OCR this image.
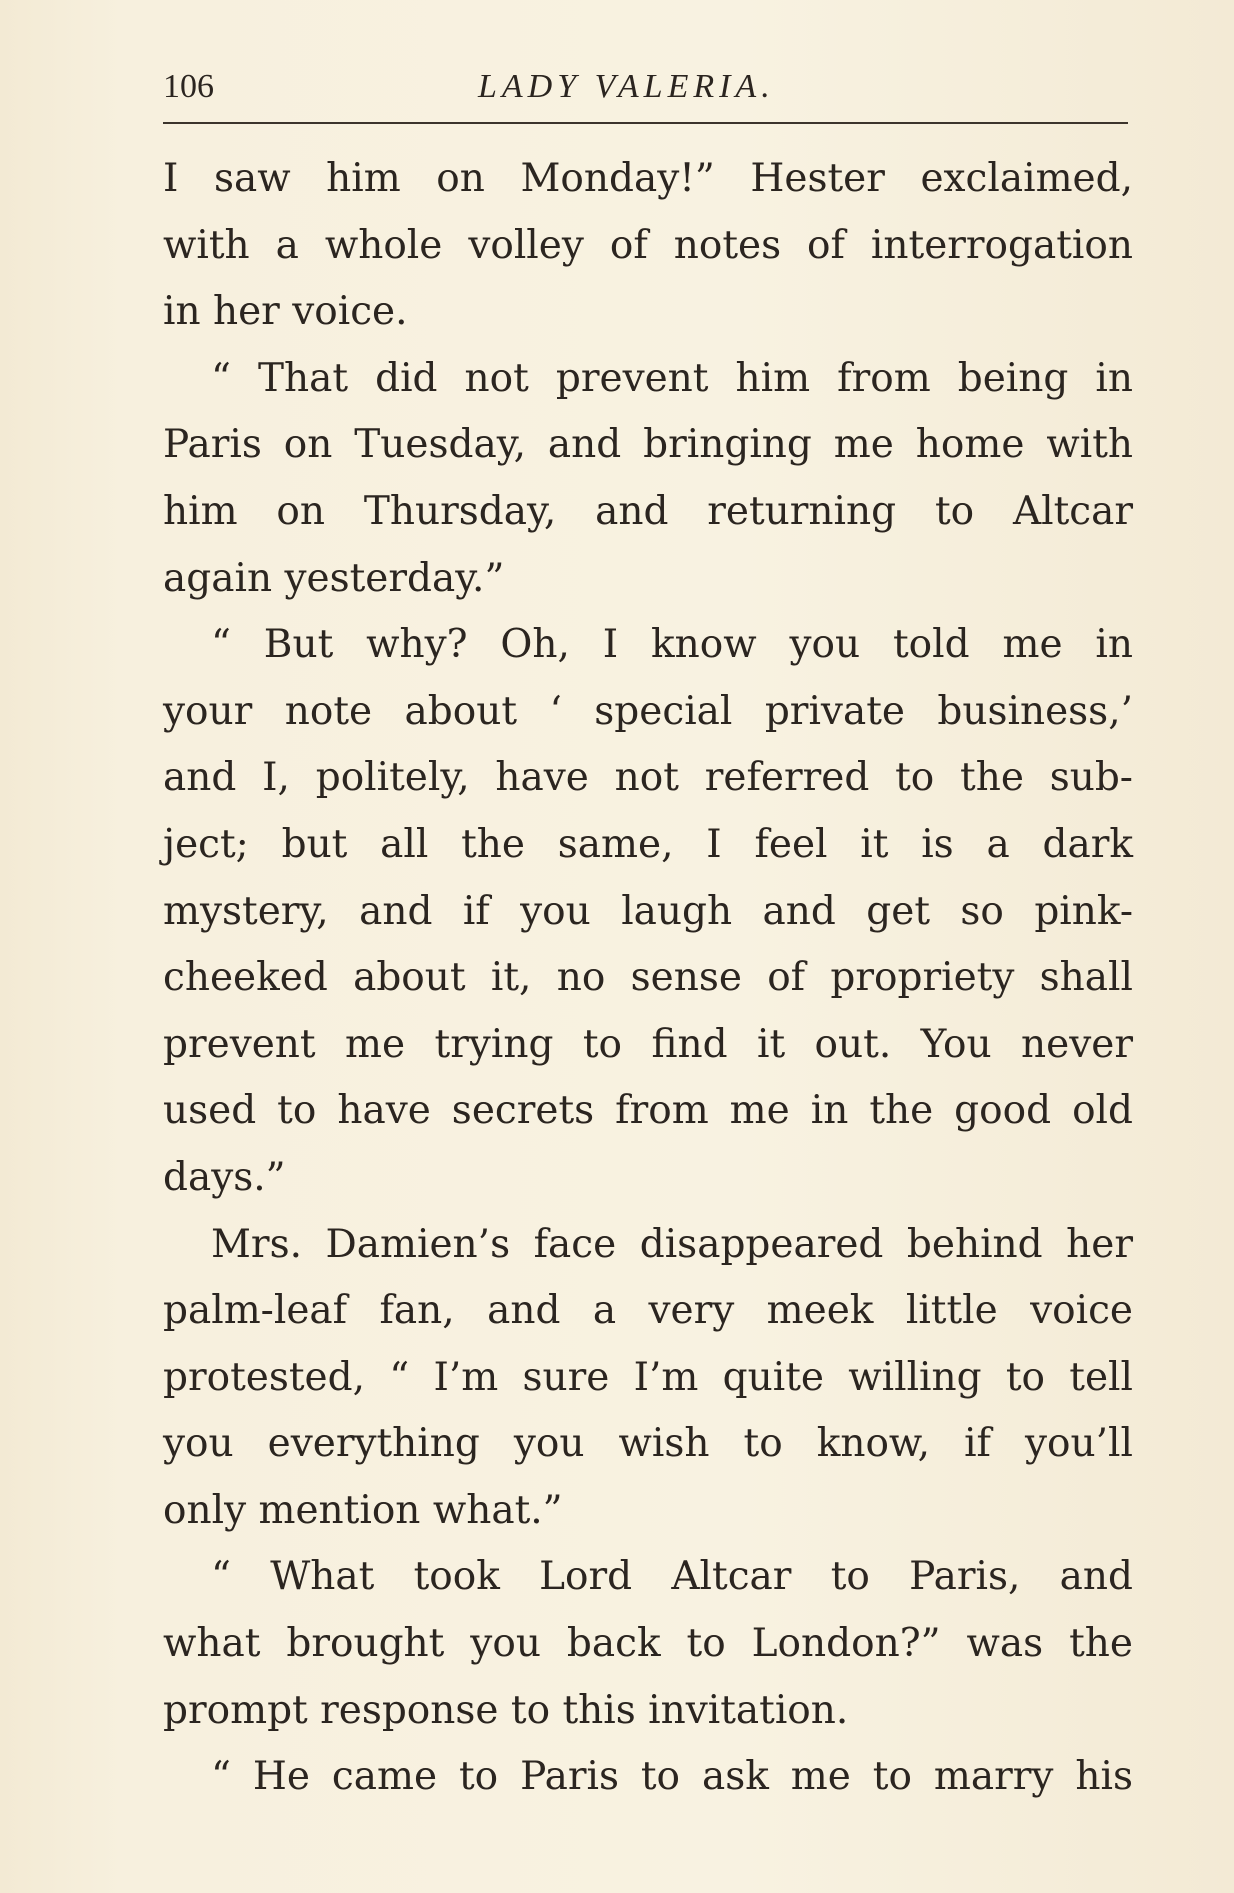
106	LADY VALERIA.
I saw him on Monday!” Hester exclaimed,
with a whole volley of notes of interrogation
in her voice.
“ That did not prevent him from being in
Paris on Tuesday, and bringing me home with
him on Thursday, and returning to Altcar
again yesterday.”
“ But why? Oh, I know you told me in
your note about ‘ special private business,’
and I, politely, have not referred to the sub-
ject; but all the same, I feel it is a dark
mystery, and if you laugh and get so pink-
cheeked about it, no sense of propriety shall
prevent me trying to find it out. You never
used to have secrets from me in the good old
days.”
Mrs. Damien’s face disappeared behind her
palm-leaf fan, and a very meek little voice
protested, “ I’m sure I’m quite willing to tell
you everything you wish to know, if you’ll
only mention what.”
“ What took Lord Altcar to Paris, and
what brought you back to London?” was the
prompt response to this invitation.
“ He came to Paris to ask me to marry his
